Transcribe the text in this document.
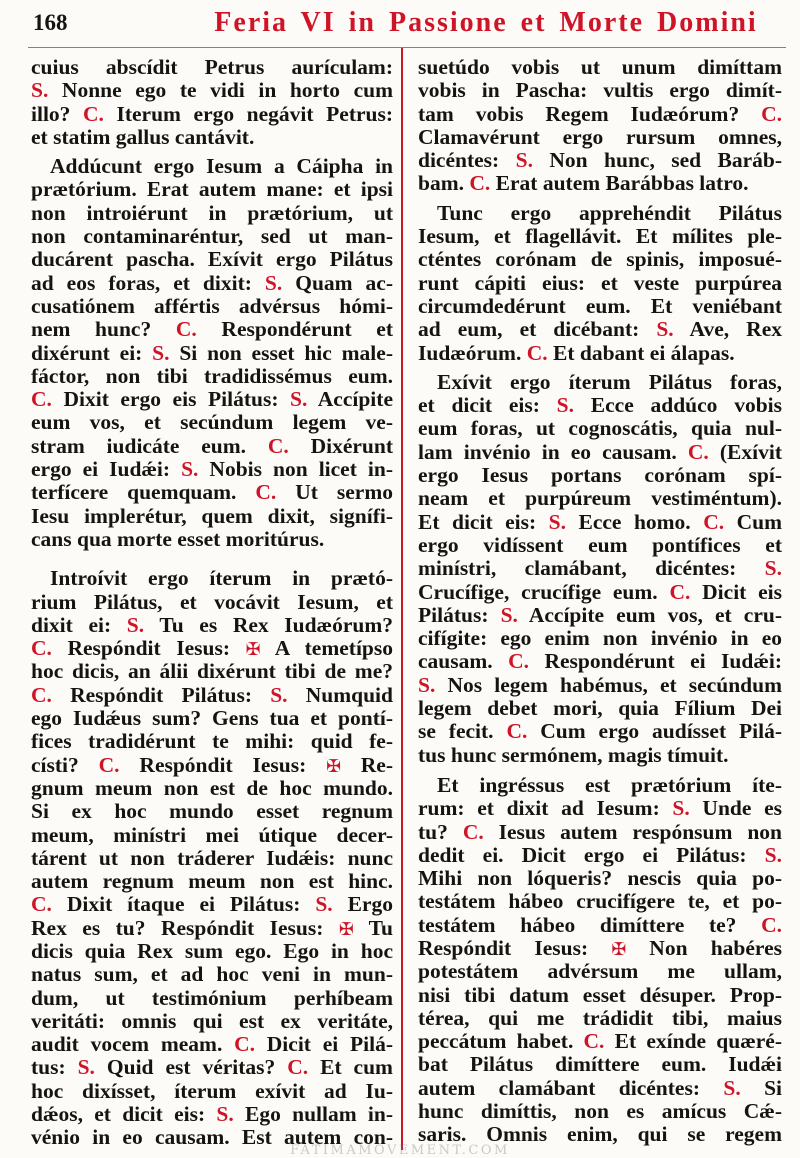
168	Feria VI in Passione et Morte Domini
cuius abscídit Petrus aurículam:
S. Nonne ego te vidi in horto cum
illo? C. Iterum ergo negávit Petrus:
et statim gallus cantávit.
Addúcunt ergo Iesum a Cáipha in
prætórium. Erat autem mane: et ipsi
non introiérunt in prætórium, ut
non contaminaréntur, sed ut man-
ducárent pascha. Exívit ergo Pilátus
ad eos foras, et dixit: S. Quam ac-
cusatiónem affértis advérsus hómi-
nem hunc? C. Respondérunt et
dixérunt ei: S. Si non esset hic male-
fáctor, non tibi tradidissémus eum.
C. Dixit ergo eis Pilátus: S. Accípite
eum vos, et secúndum legem ve-
stram iudicáte eum. C. Dixérunt
ergo ei Iudǽi: S. Nobis non licet in-
terfícere quemquam. C. Ut sermo
Iesu implerétur, quem dixit, signífi-
cans qua morte esset moritúrus.
Introívit ergo íterum in prætó-
rium Pilátus, et vocávit Iesum, et
dixit ei: S. Tu es Rex Iudæórum?
C. Respóndit Iesus: ✠ A temetípso
hoc dicis, an álii dixérunt tibi de me?
C. Respóndit Pilátus: S. Numquid
ego Iudǽus sum? Gens tua et pontí-
fices tradidérunt te mihi: quid fe-
císti? C. Respóndit Iesus: ✠ Re-
gnum meum non est de hoc mundo.
Si ex hoc mundo esset regnum
meum, minístri mei útique decer-
tárent ut non tráderer Iudǽis: nunc
autem regnum meum non est hinc.
C. Dixit ítaque ei Pilátus: S. Ergo
Rex es tu? Respóndit Iesus: ✠ Tu
dicis quia Rex sum ego. Ego in hoc
natus sum, et ad hoc veni in mun-
dum, ut testimónium perhíbeam
veritáti: omnis qui est ex veritáte,
audit vocem meam. C. Dicit ei Pilá-
tus: S. Quid est véritas? C. Et cum
hoc dixísset, íterum exívit ad Iu-
dǽos, et dicit eis: S. Ego nullam in-
vénio in eo causam. Est autem con-
suetúdo vobis ut unum dimíttam
vobis in Pascha: vultis ergo dimít-
tam vobis Regem Iudæórum? C.
Clamavérunt ergo rursum omnes,
dicéntes: S. Non hunc, sed Baráb-
bam. C. Erat autem Barábbas latro.
Tunc ergo apprehéndit Pilátus
Iesum, et flagellávit. Et mílites ple-
cténtes corónam de spinis, imposué-
runt cápiti eius: et veste purpúrea
circumdedérunt eum. Et veniébant
ad eum, et dicébant: S. Ave, Rex
Iudæórum. C. Et dabant ei álapas.
Exívit ergo íterum Pilátus foras,
et dicit eis: S. Ecce addúco vobis
eum foras, ut cognoscátis, quia nul-
lam invénio in eo causam. C. (Exívit
ergo Iesus portans corónam spí-
neam et purpúreum vestiméntum).
Et dicit eis: S. Ecce homo. C. Cum
ergo vidíssent eum pontífices et
minístri, clamábant, dicéntes: S.
Crucífige, crucífige eum. C. Dicit eis
Pilátus: S. Accípite eum vos, et cru-
cifígite: ego enim non invénio in eo
causam. C. Respondérunt ei Iudǽi:
S. Nos legem habémus, et secúndum
legem debet mori, quia Fílium Dei
se fecit. C. Cum ergo audísset Pilá-
tus hunc sermónem, magis tímuit.
Et ingréssus est prætórium íte-
rum: et dixit ad Iesum: S. Unde es
tu? C. Iesus autem respónsum non
dedit ei. Dicit ergo ei Pilátus: S.
Mihi non lóqueris? nescis quia po-
testátem hábeo crucifígere te, et po-
testátem hábeo dimíttere te? C.
Respóndit Iesus: ✠ Non habéres
potestátem advérsum me ullam,
nisi tibi datum esset désuper. Prop-
térea, qui me trádidit tibi, maius
peccátum habet. C. Et exínde quæré-
bat Pilátus dimíttere eum. Iudǽi
autem clamábant dicéntes: S. Si
hunc dimíttis, non es amícus Cǽ-
saris. Omnis enim, qui se regem
FATIMAMOVEMENT.COM
